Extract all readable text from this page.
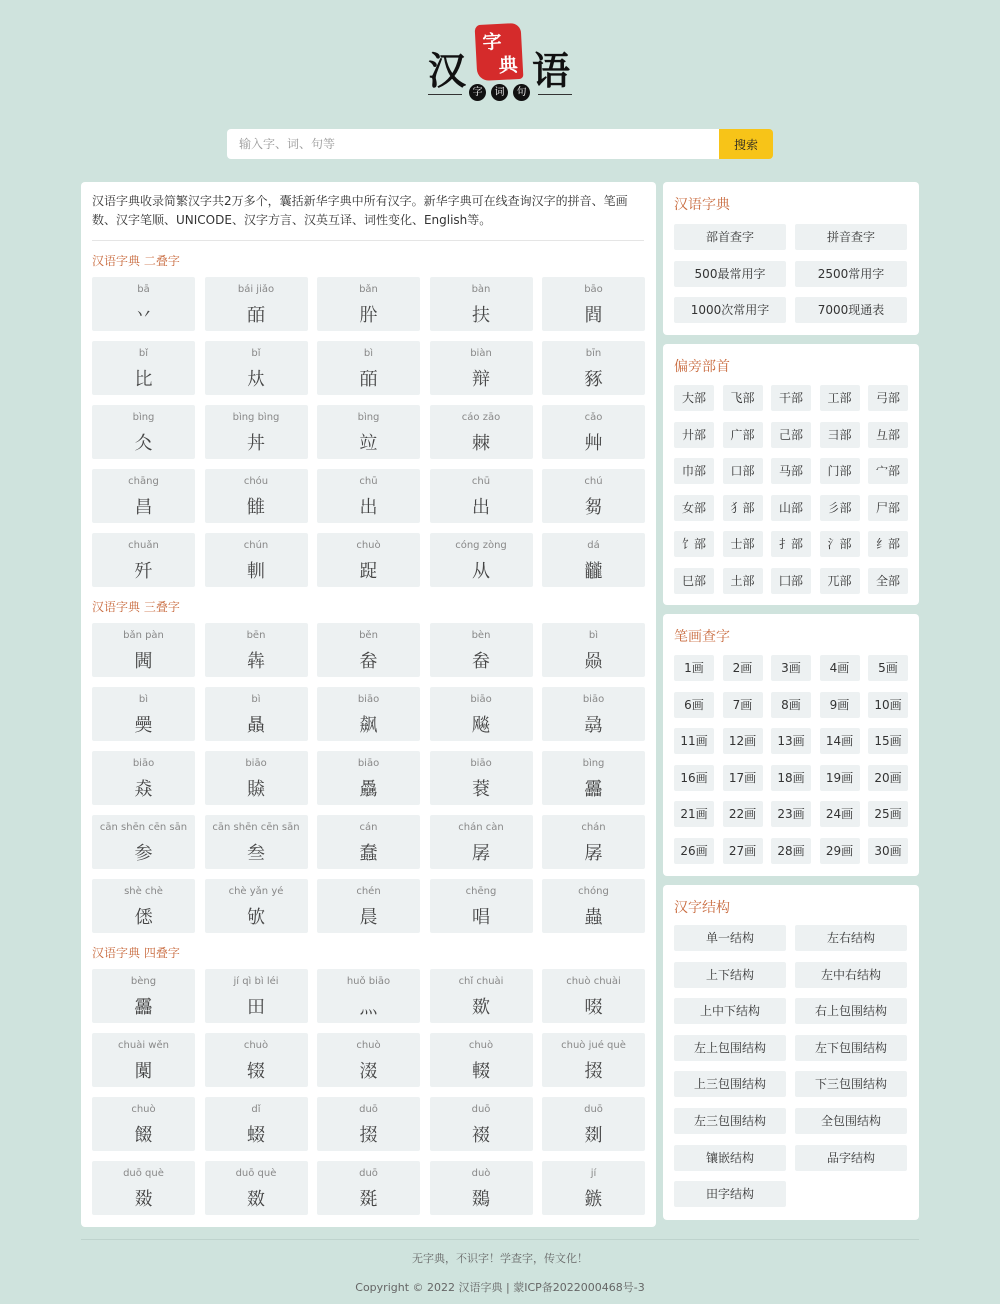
汉
字
典 语
字	词	句
输入字、词、句等
搜索
汉语字典收录简繁汉字共2万多个，囊括新华字典中所有汉字。新华字典可在线查询汉字的拼音、笔画数、汉字笔顺、UNICODE、汉字方言、汉英互译、词性变化、English等。
汉语字典 二叠字
bā
丷
bái jiǎo
皕
bǎn
肸
bàn
扶
bāo
閰
bǐ
比
bǐ
夶
bì
皕
biàn
辩
bīn
豩
bìng
仌
bìng bìng
丼
bìng
竝
cáo zāo
棘
cǎo
艸
chāng
昌
chóu
雔
chū
出
chū
出
chú
芻
chuǎn
歼
chún
䡅
chuò
踀
cóng zòng
从
dá
龖
汉语字典 三叠字
bǎn pàn
閪
bēn
犇
běn
畚
bèn
畚
bì
赑
bì
奰
bì
贔
biāo
飙
biāo
飚
biāo
骉
biāo
猋
biāo
贆
biāo
驫
biāo
蔉
bìng
靐
cān shēn cēn sān
参
cān shēn cēn sān
叁
cán
蠢
chán càn
孱
chán
孱
shè chè
僁
chè yǎn yé
欨
chén
晨
chēng
唱
chóng
蟲
汉语字典 四叠字
bèng
靐
jí qì bì léi
田
huǒ biāo
灬
chǐ chuài
欼
chuò chuài
啜
chuài wěn
闑
chuò
辍
chuò
涰
chuò
輟
chuò jué què
掇
chuò
餟
dǐ
蝃
duō
掇
duō
裰
duō
剟
duō què
敠
duō què
敪
duō
毲
duò
鵽
jí
鏃
汉语字典
部首查字	拼音查字
500最常用字	2500常用字
1000次常用字	7000现通表
偏旁部首
大部	飞部	干部	工部	弓部
廾部	广部	己部	彐部	彑部
巾部	口部	马部	门部	宀部
女部	犭部	山部	彡部	尸部
饣部	士部	扌部	氵部	纟部
巳部	土部	囗部	兀部	全部
笔画查字
1画	2画	3画	4画	5画
6画	7画	8画	9画	10画
11画	12画	13画	14画	15画
16画	17画	18画	19画	20画
21画	22画	23画	24画	25画
26画	27画	28画	29画	30画
汉字结构
单一结构	左右结构
上下结构	左中右结构
上中下结构	右上包围结构
左上包围结构	左下包围结构
上三包围结构	下三包围结构
左三包围结构	全包围结构
镶嵌结构	品字结构
田字结构
无字典，不识字！学查字，传文化！
Copyright © 2022 汉语字典 | 蒙ICP备2022000468号-3
